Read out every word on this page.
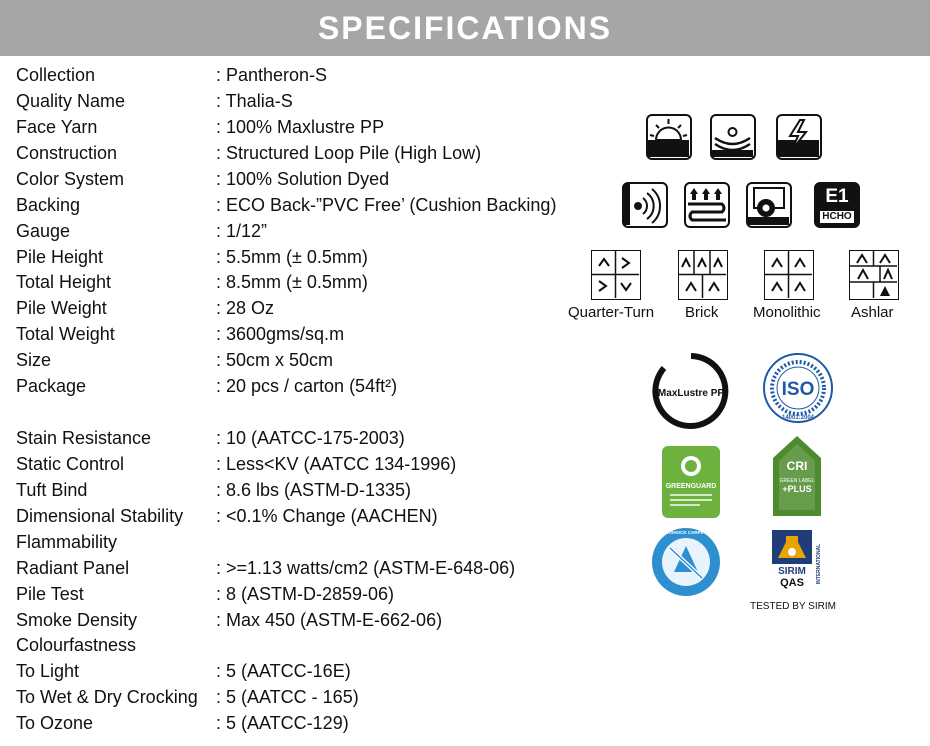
SPECIFICATIONS
Collection	: Pantheron-S
Quality Name	: Thalia-S
Face Yarn	: 100% Maxlustre PP
Construction	: Structured Loop Pile (High Low)
Color System	: 100% Solution Dyed
Backing	: ECO Back-”PVC Free’ (Cushion Backing)
Gauge	: 1/12”
Pile Height	: 5.5mm (± 0.5mm)
Total Height	: 8.5mm (± 0.5mm)
Pile Weight	: 28 Oz
Total Weight	: 3600gms/sq.m
Size	: 50cm x 50cm
Package	: 20 pcs / carton (54ft²)
Stain Resistance	: 10 (AATCC-175-2003)
Static Control	: Less<KV (AATCC 134-1996)
Tuft Bind	: 8.6 lbs (ASTM-D-1335)
Dimensional Stability : <0.1% Change (AACHEN)
Flammability
Radiant Panel	: >=1.13 watts/cm2 (ASTM-E-648-06)
Pile Test	: 8 (ASTM-D-2859-06)
Smoke Density	: Max 450 (ASTM-E-662-06)
Colourfastness
To Light	: 5 (AATCC-16E)
To Wet & Dry Crocking : 5 (AATCC - 165)
To Ozone	: 5 (AATCC-129)
E1
HCHO
Quarter-Turn Brick Monolithic Ashlar
MaxLustre PP	ISO
14001:2004
GREENGUARD
CRI
GREEN LABEL
+PLUS
LIFETIME ANTISHOCK CARPET WARRANTY
SIRIM
QAS INTERNATIONAL
TESTED BY SIRIM
